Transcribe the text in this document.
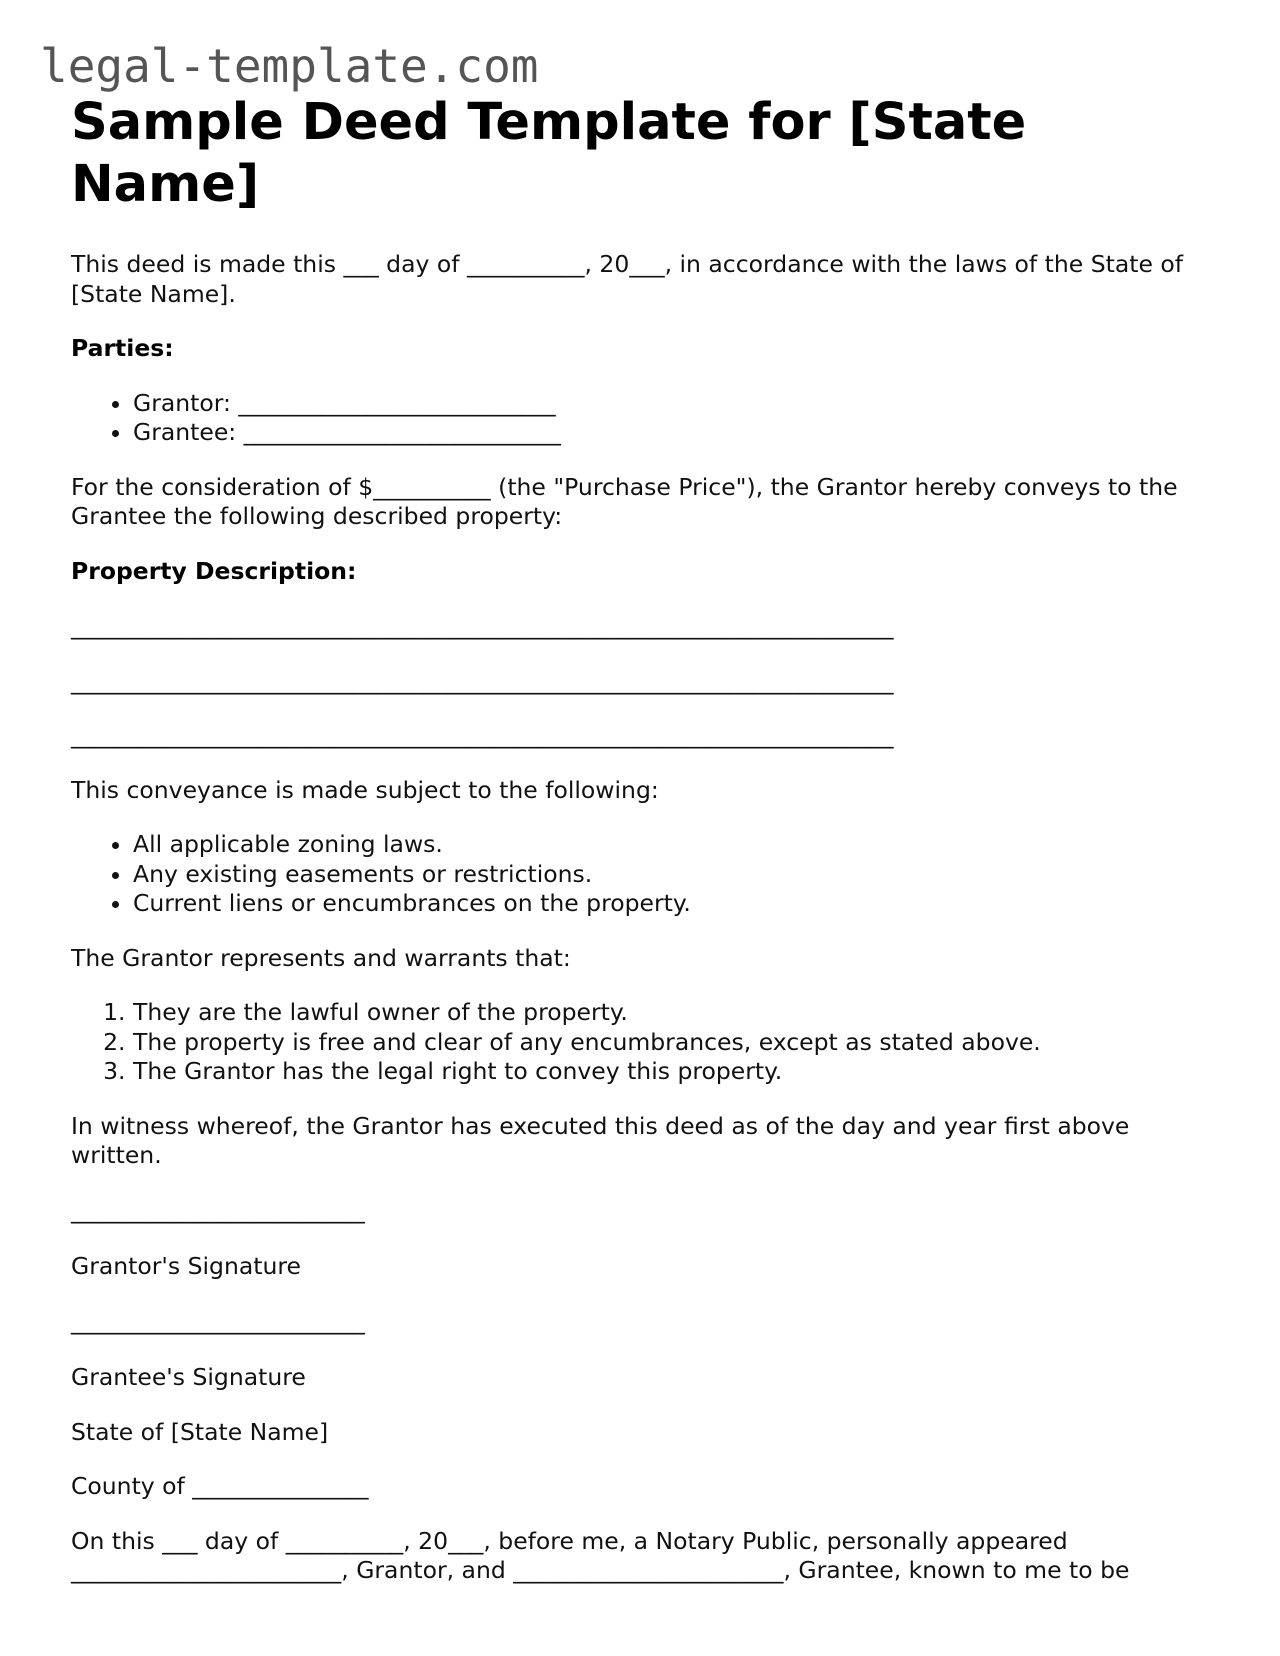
legal-template.com
Sample Deed Template for [State Name]

This deed is made this ___ day of __________, 20___, in accordance with the laws of the State of [State Name].

Parties:

• Grantor: ___________________________
• Grantee: ___________________________

For the consideration of $__________ (the "Purchase Price"), the Grantor hereby conveys to the Grantee the following described property:

Property Description:

______________________________________________________________________
______________________________________________________________________
______________________________________________________________________

This conveyance is made subject to the following:

• All applicable zoning laws.
• Any existing easements or restrictions.
• Current liens or encumbrances on the property.

The Grantor represents and warrants that:

1. They are the lawful owner of the property.
2. The property is free and clear of any encumbrances, except as stated above.
3. The Grantor has the legal right to convey this property.

In witness whereof, the Grantor has executed this deed as of the day and year first above written.

_________________________

Grantor's Signature

_________________________

Grantee's Signature

State of [State Name]

County of _______________

On this ___ day of __________, 20___, before me, a Notary Public, personally appeared _______________________, Grantor, and _______________________, Grantee, known to me to be
